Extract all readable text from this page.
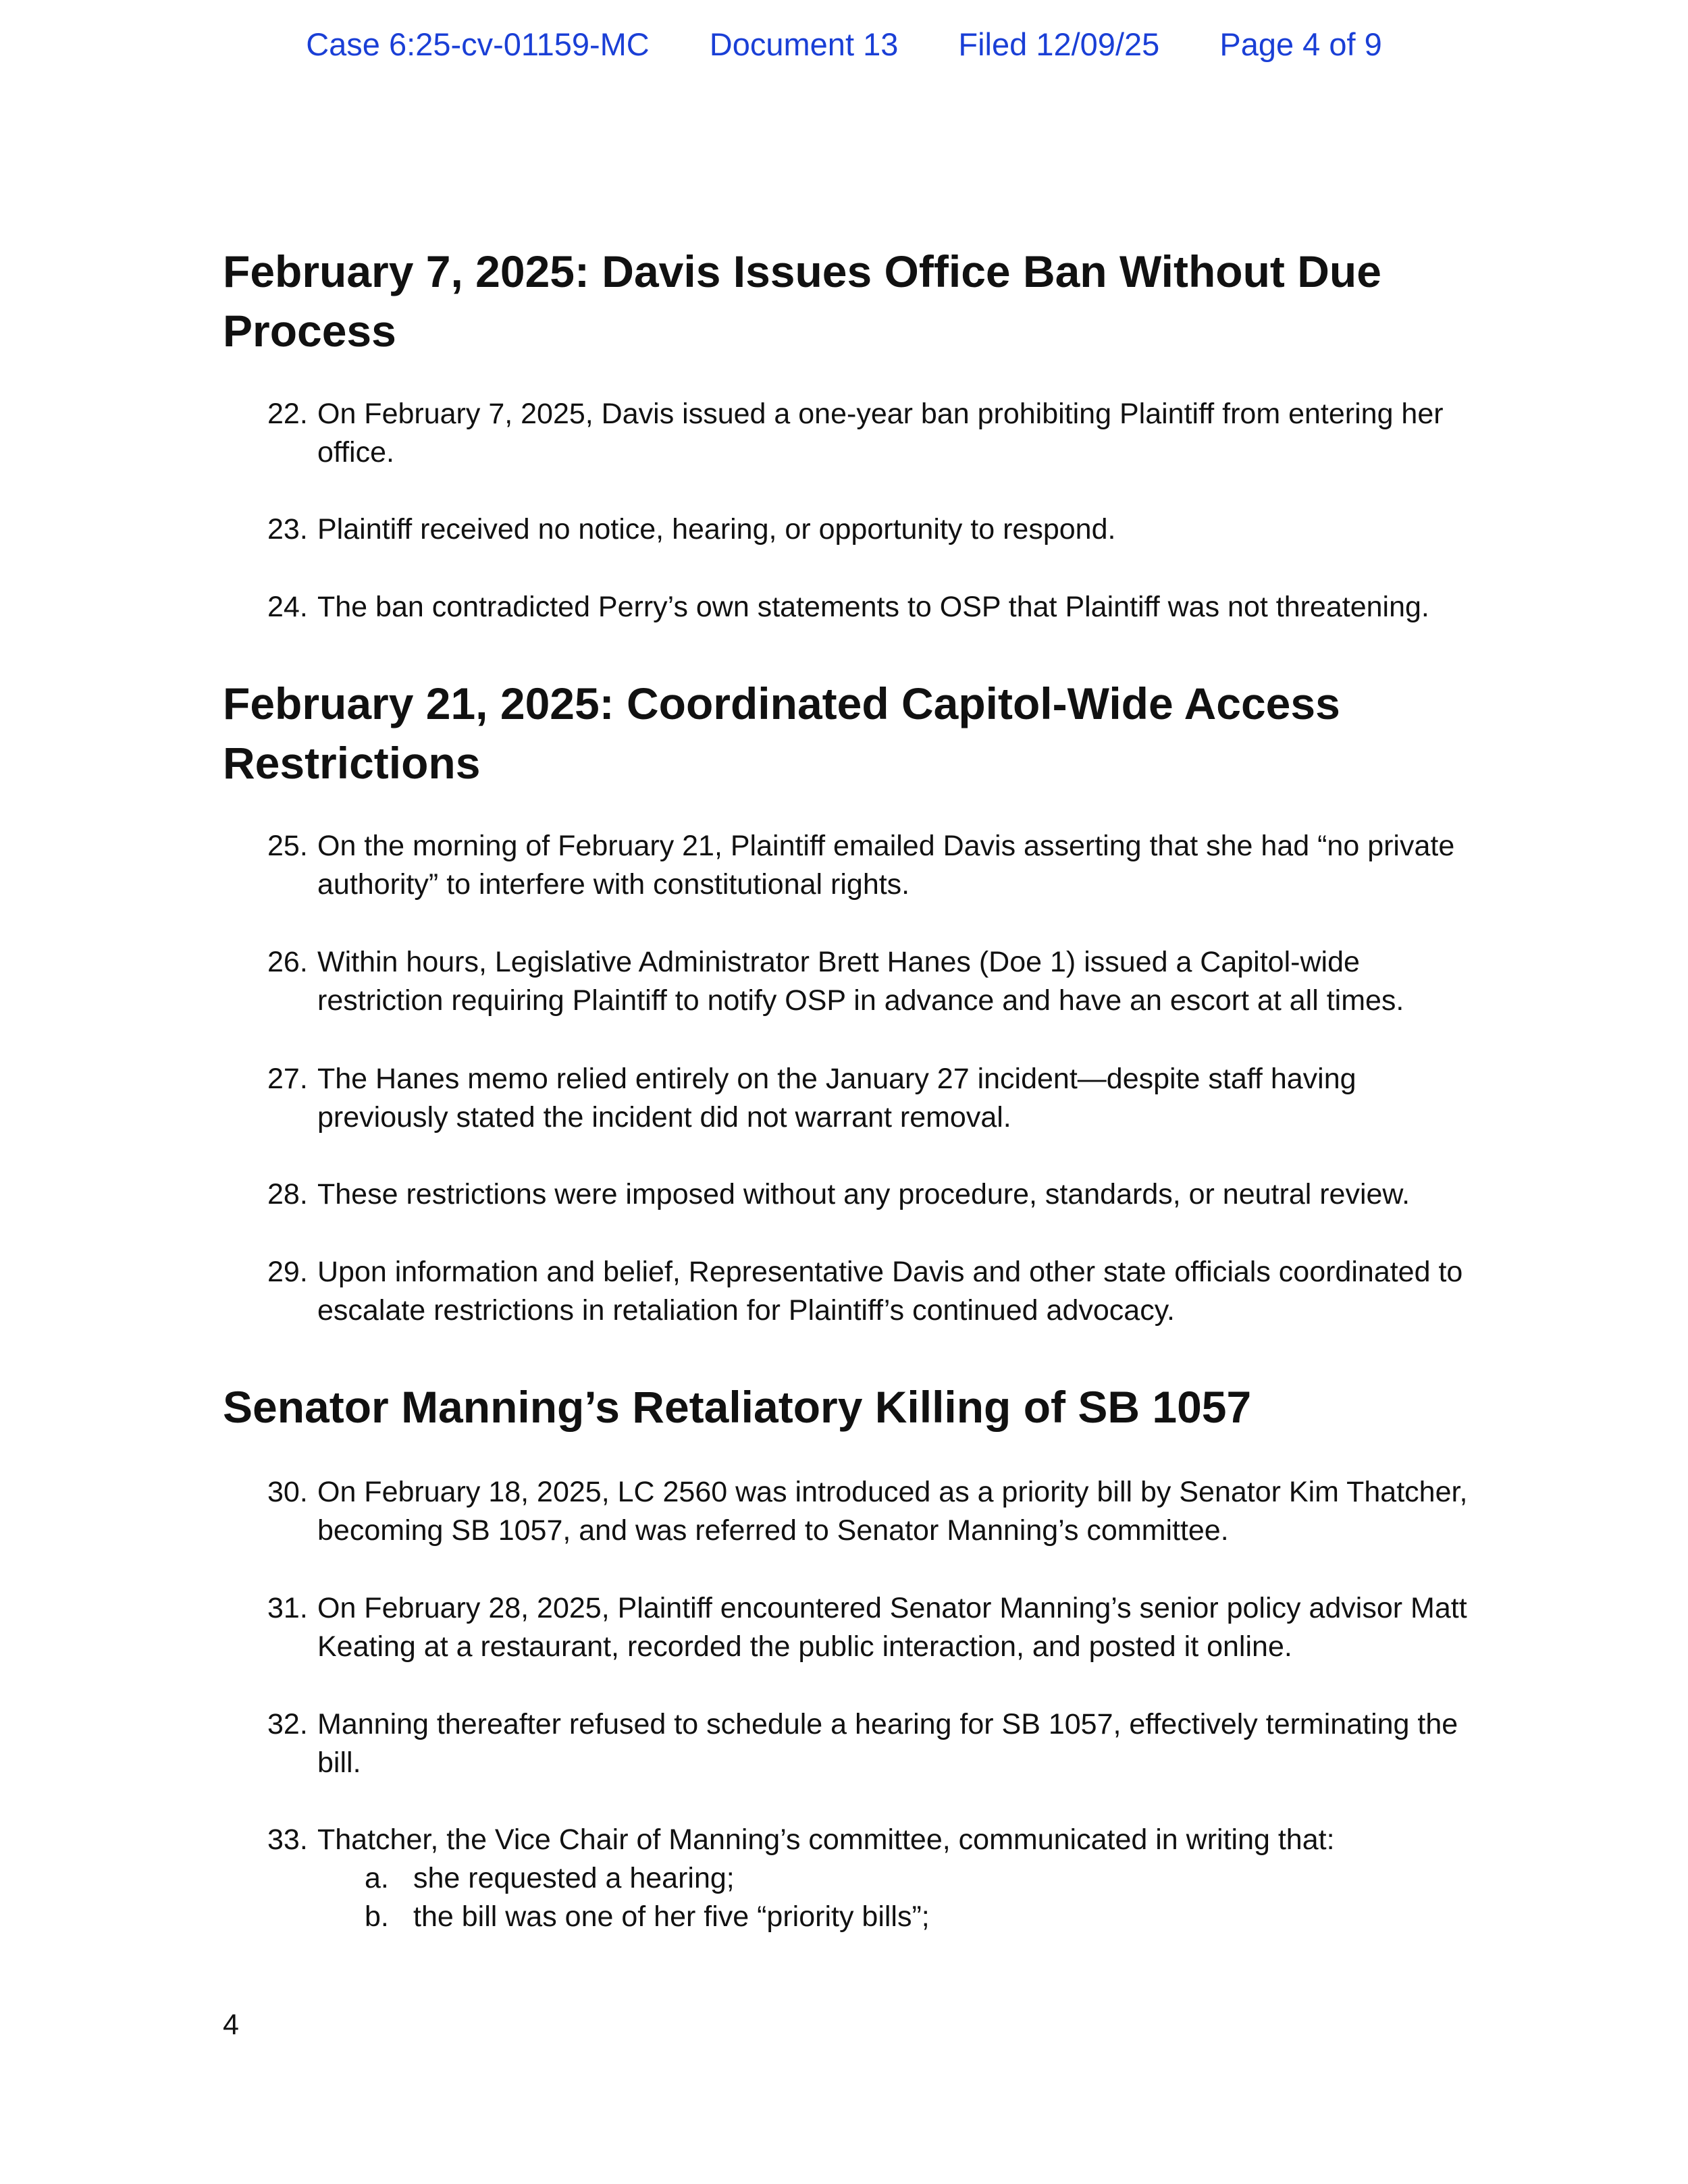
Case 6:25-cv-01159-MC Document 13 Filed 12/09/25 Page 4 of 9
February 7, 2025: Davis Issues Office Ban Without Due Process
22. On February 7, 2025, Davis issued a one-year ban prohibiting Plaintiff from entering her office.
23. Plaintiff received no notice, hearing, or opportunity to respond.
24. The ban contradicted Perry’s own statements to OSP that Plaintiff was not threatening.
February 21, 2025: Coordinated Capitol-Wide Access Restrictions
25. On the morning of February 21, Plaintiff emailed Davis asserting that she had “no private authority” to interfere with constitutional rights.
26. Within hours, Legislative Administrator Brett Hanes (Doe 1) issued a Capitol-wide restriction requiring Plaintiff to notify OSP in advance and have an escort at all times.
27. The Hanes memo relied entirely on the January 27 incident—despite staff having previously stated the incident did not warrant removal.
28. These restrictions were imposed without any procedure, standards, or neutral review.
29. Upon information and belief, Representative Davis and other state officials coordinated to escalate restrictions in retaliation for Plaintiff’s continued advocacy.
Senator Manning’s Retaliatory Killing of SB 1057
30. On February 18, 2025, LC 2560 was introduced as a priority bill by Senator Kim Thatcher, becoming SB 1057, and was referred to Senator Manning’s committee.
31. On February 28, 2025, Plaintiff encountered Senator Manning’s senior policy advisor Matt Keating at a restaurant, recorded the public interaction, and posted it online.
32. Manning thereafter refused to schedule a hearing for SB 1057, effectively terminating the bill.
33. Thatcher, the Vice Chair of Manning’s committee, communicated in writing that:
a. she requested a hearing;
b. the bill was one of her five “priority bills”;
4
